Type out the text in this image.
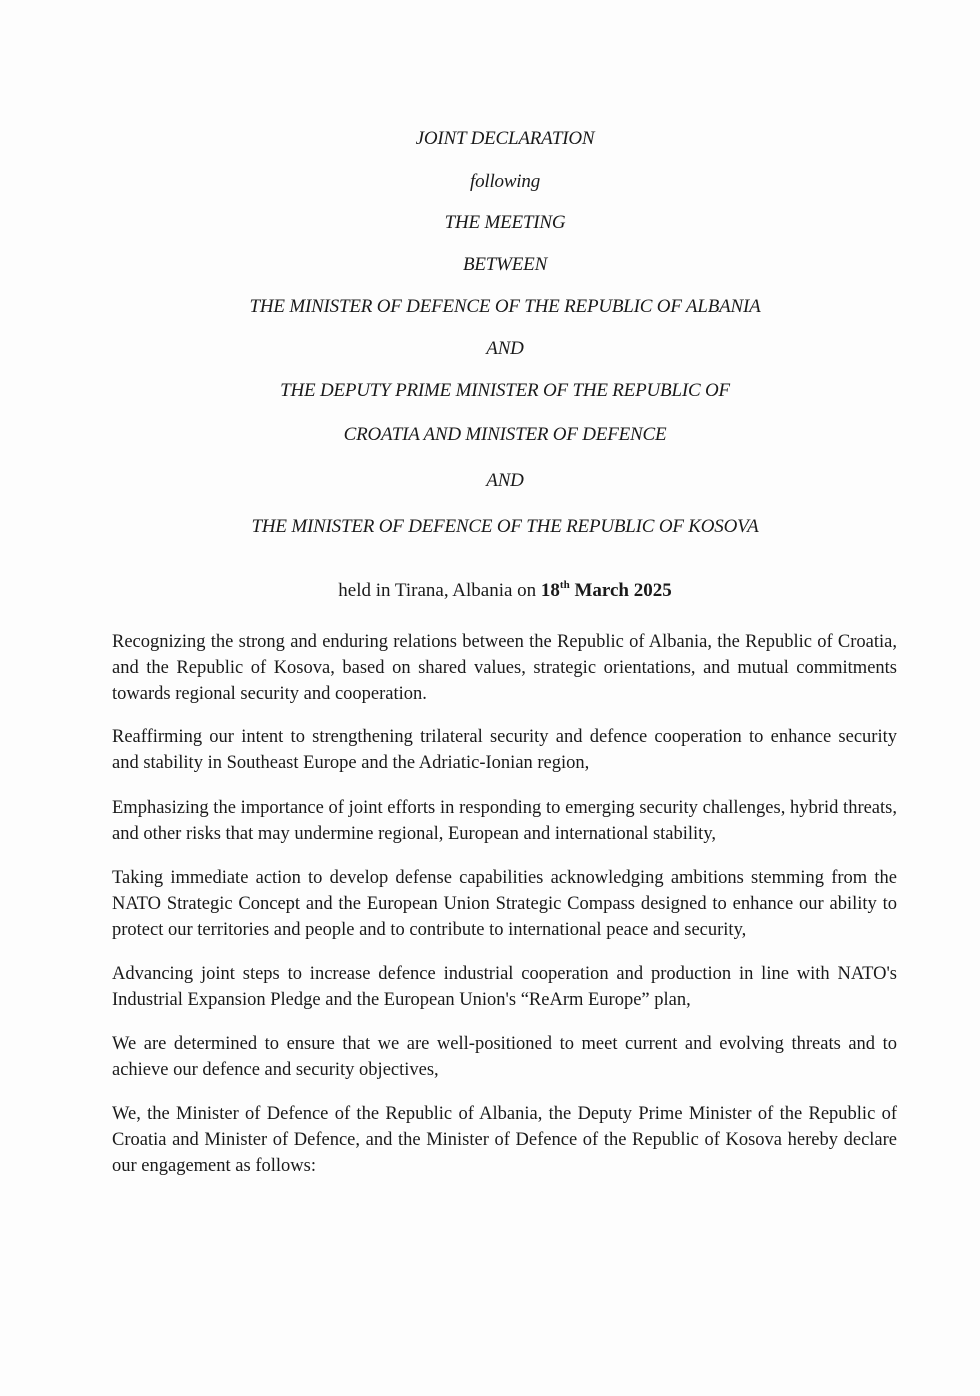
JOINT DECLARATION
following
THE MEETING
BETWEEN
THE MINISTER OF DEFENCE OF THE REPUBLIC OF ALBANIA
AND
THE DEPUTY PRIME MINISTER OF THE REPUBLIC OF
CROATIA AND MINISTER OF DEFENCE
AND
THE MINISTER OF DEFENCE OF THE REPUBLIC OF KOSOVA
held in Tirana, Albania on 18th March 2025

Recognizing the strong and enduring relations between the Republic of Albania, the Republic of Croatia, and the Republic of Kosova, based on shared values, strategic orientations, and mutual commitments towards regional security and cooperation.

Reaffirming our intent to strengthening trilateral security and defence cooperation to enhance security and stability in Southeast Europe and the Adriatic-Ionian region,

Emphasizing the importance of joint efforts in responding to emerging security challenges, hybrid threats, and other risks that may undermine regional, European and international stability,

Taking immediate action to develop defense capabilities acknowledging ambitions stemming from the NATO Strategic Concept and the European Union Strategic Compass designed to enhance our ability to protect our territories and people and to contribute to international peace and security,

Advancing joint steps to increase defence industrial cooperation and production in line with NATO's Industrial Expansion Pledge and the European Union's “ReArm Europe” plan,

We are determined to ensure that we are well-positioned to meet current and evolving threats and to achieve our defence and security objectives,

We, the Minister of Defence of the Republic of Albania, the Deputy Prime Minister of the Republic of Croatia and Minister of Defence, and the Minister of Defence of the Republic of Kosova hereby declare our engagement as follows:
